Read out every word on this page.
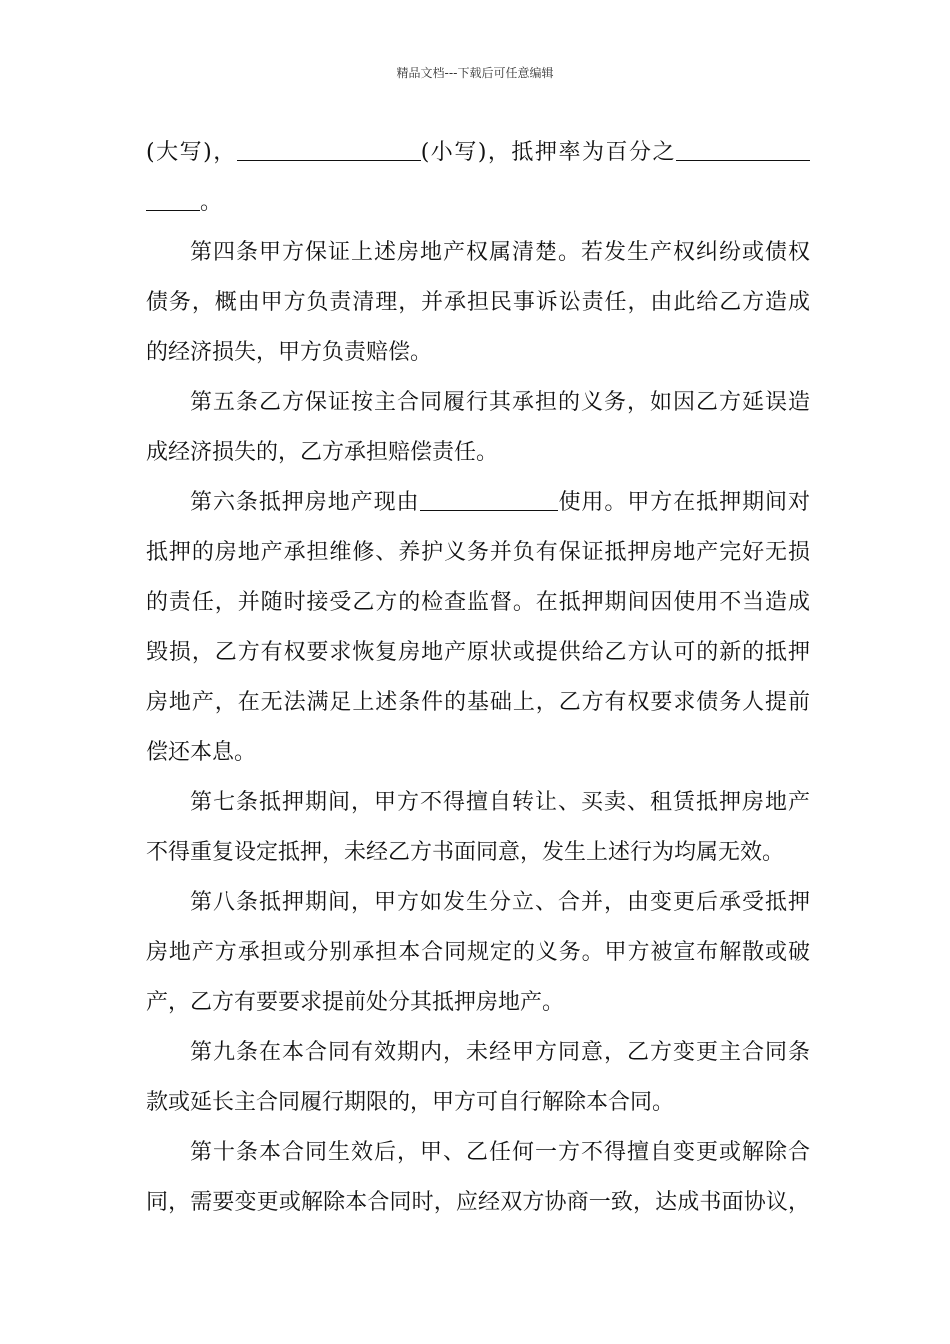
精品文档---下载后可任意编辑
(大写)，	(小写)，抵押率为百分之
。
第四条甲方保证上述房地产权属清楚。若发生产权纠纷或债权
债务，概由甲方负责清理，并承担民事诉讼责任，由此给乙方造成
的经济损失，甲方负责赔偿。
第五条乙方保证按主合同履行其承担的义务，如因乙方延误造
成经济损失的，乙方承担赔偿责任。
第六条抵押房地产现由	使用。甲方在抵押期间对
抵押的房地产承担维修、养护义务并负有保证抵押房地产完好无损
的责任，并随时接受乙方的检查监督。在抵押期间因使用不当造成
毁损，乙方有权要求恢复房地产原状或提供给乙方认可的新的抵押
房地产，在无法满足上述条件的基础上，乙方有权要求债务人提前
偿还本息。
第七条抵押期间，甲方不得擅自转让、买卖、租赁抵押房地产
不得重复设定抵押，未经乙方书面同意，发生上述行为均属无效。
第八条抵押期间，甲方如发生分立、合并，由变更后承受抵押
房地产方承担或分别承担本合同规定的义务。甲方被宣布解散或破
产，乙方有要要求提前处分其抵押房地产。
第九条在本合同有效期内，未经甲方同意，乙方变更主合同条
款或延长主合同履行期限的，甲方可自行解除本合同。
第十条本合同生效后，甲、乙任何一方不得擅自变更或解除合
同，需要变更或解除本合同时，应经双方协商一致，达成书面协议，
